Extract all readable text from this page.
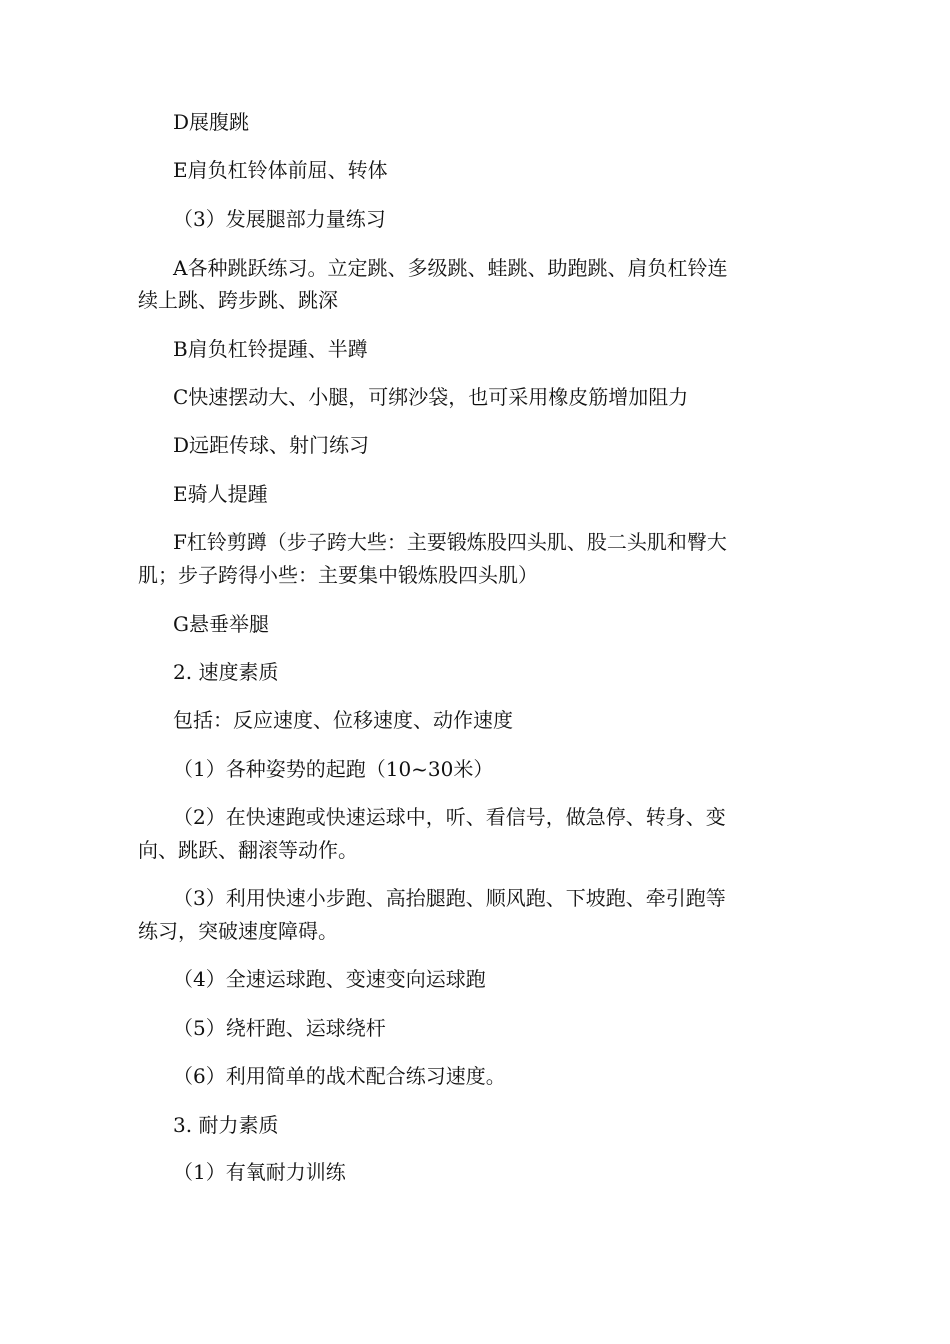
D展腹跳
E肩负杠铃体前屈、转体
（3）发展腿部力量练习
A各种跳跃练习。立定跳、多级跳、蛙跳、助跑跳、肩负杠铃连
续上跳、跨步跳、跳深
B肩负杠铃提踵、半蹲
C快速摆动大、小腿，可绑沙袋，也可采用橡皮筋增加阻力
D远距传球、射门练习
E骑人提踵
F杠铃剪蹲（步子跨大些：主要锻炼股四头肌、股二头肌和臀大
肌；步子跨得小些：主要集中锻炼股四头肌）
G悬垂举腿
2. 速度素质
包括：反应速度、位移速度、动作速度
（1）各种姿势的起跑（10~30米）
（2）在快速跑或快速运球中，听、看信号，做急停、转身、变
向、跳跃、翻滚等动作。
（3）利用快速小步跑、高抬腿跑、顺风跑、下坡跑、牵引跑等
练习，突破速度障碍。
（4）全速运球跑、变速变向运球跑
（5）绕杆跑、运球绕杆
（6）利用简单的战术配合练习速度。
3. 耐力素质
（1）有氧耐力训练
